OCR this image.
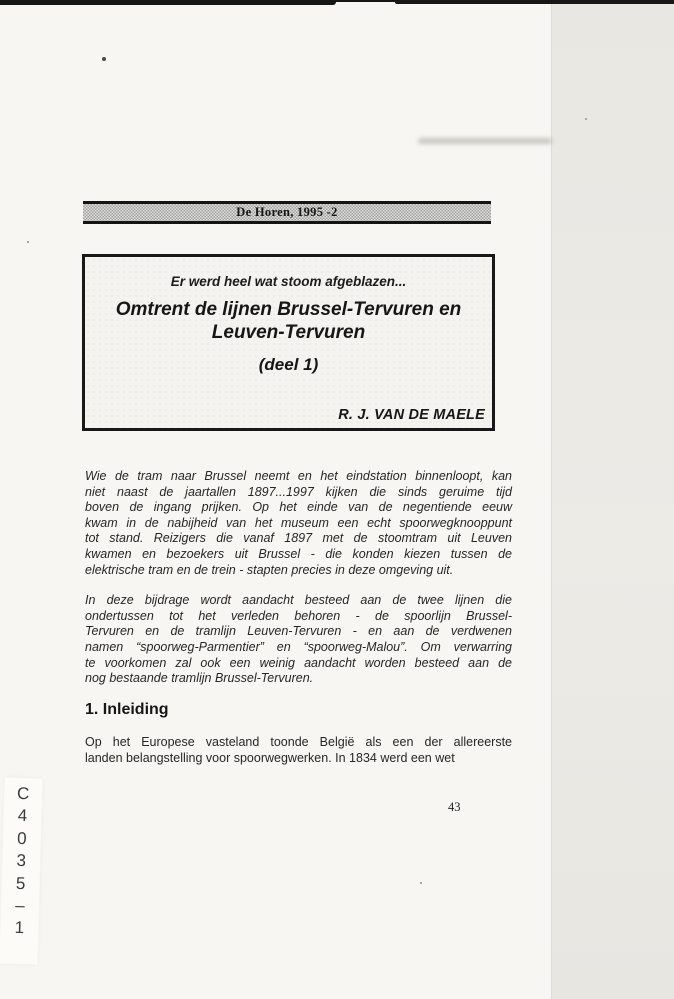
De Horen, 1995 -2
Er werd heel wat stoom afgeblazen...
Omtrent de lijnen Brussel-Tervuren en
Leuven-Tervuren
(deel 1)
R. J. VAN DE MAELE
Wie de tram naar Brussel neemt en het eindstation binnenloopt, kan
niet naast de jaartallen 1897...1997 kijken die sinds geruime tijd
boven de ingang prijken. Op het einde van de negentiende eeuw
kwam in de nabijheid van het museum een echt spoorwegknooppunt
tot stand. Reizigers die vanaf 1897 met de stoomtram uit Leuven
kwamen en bezoekers uit Brussel - die konden kiezen tussen de
elektrische tram en de trein - stapten precies in deze omgeving uit.
In deze bijdrage wordt aandacht besteed aan de twee lijnen die
ondertussen tot het verleden behoren - de spoorlijn Brussel-
Tervuren en de tramlijn Leuven-Tervuren - en aan de verdwenen
namen “spoorweg-Parmentier” en “spoorweg-Malou”. Om verwarring
te voorkomen zal ook een weinig aandacht worden besteed aan de
nog bestaande tramlijn Brussel-Tervuren.
1. Inleiding
Op het Europese vasteland toonde België als een der allereerste
landen belangstelling voor spoorwegwerken. In 1834 werd een wet
43
C
4
0
3
5
–
1
